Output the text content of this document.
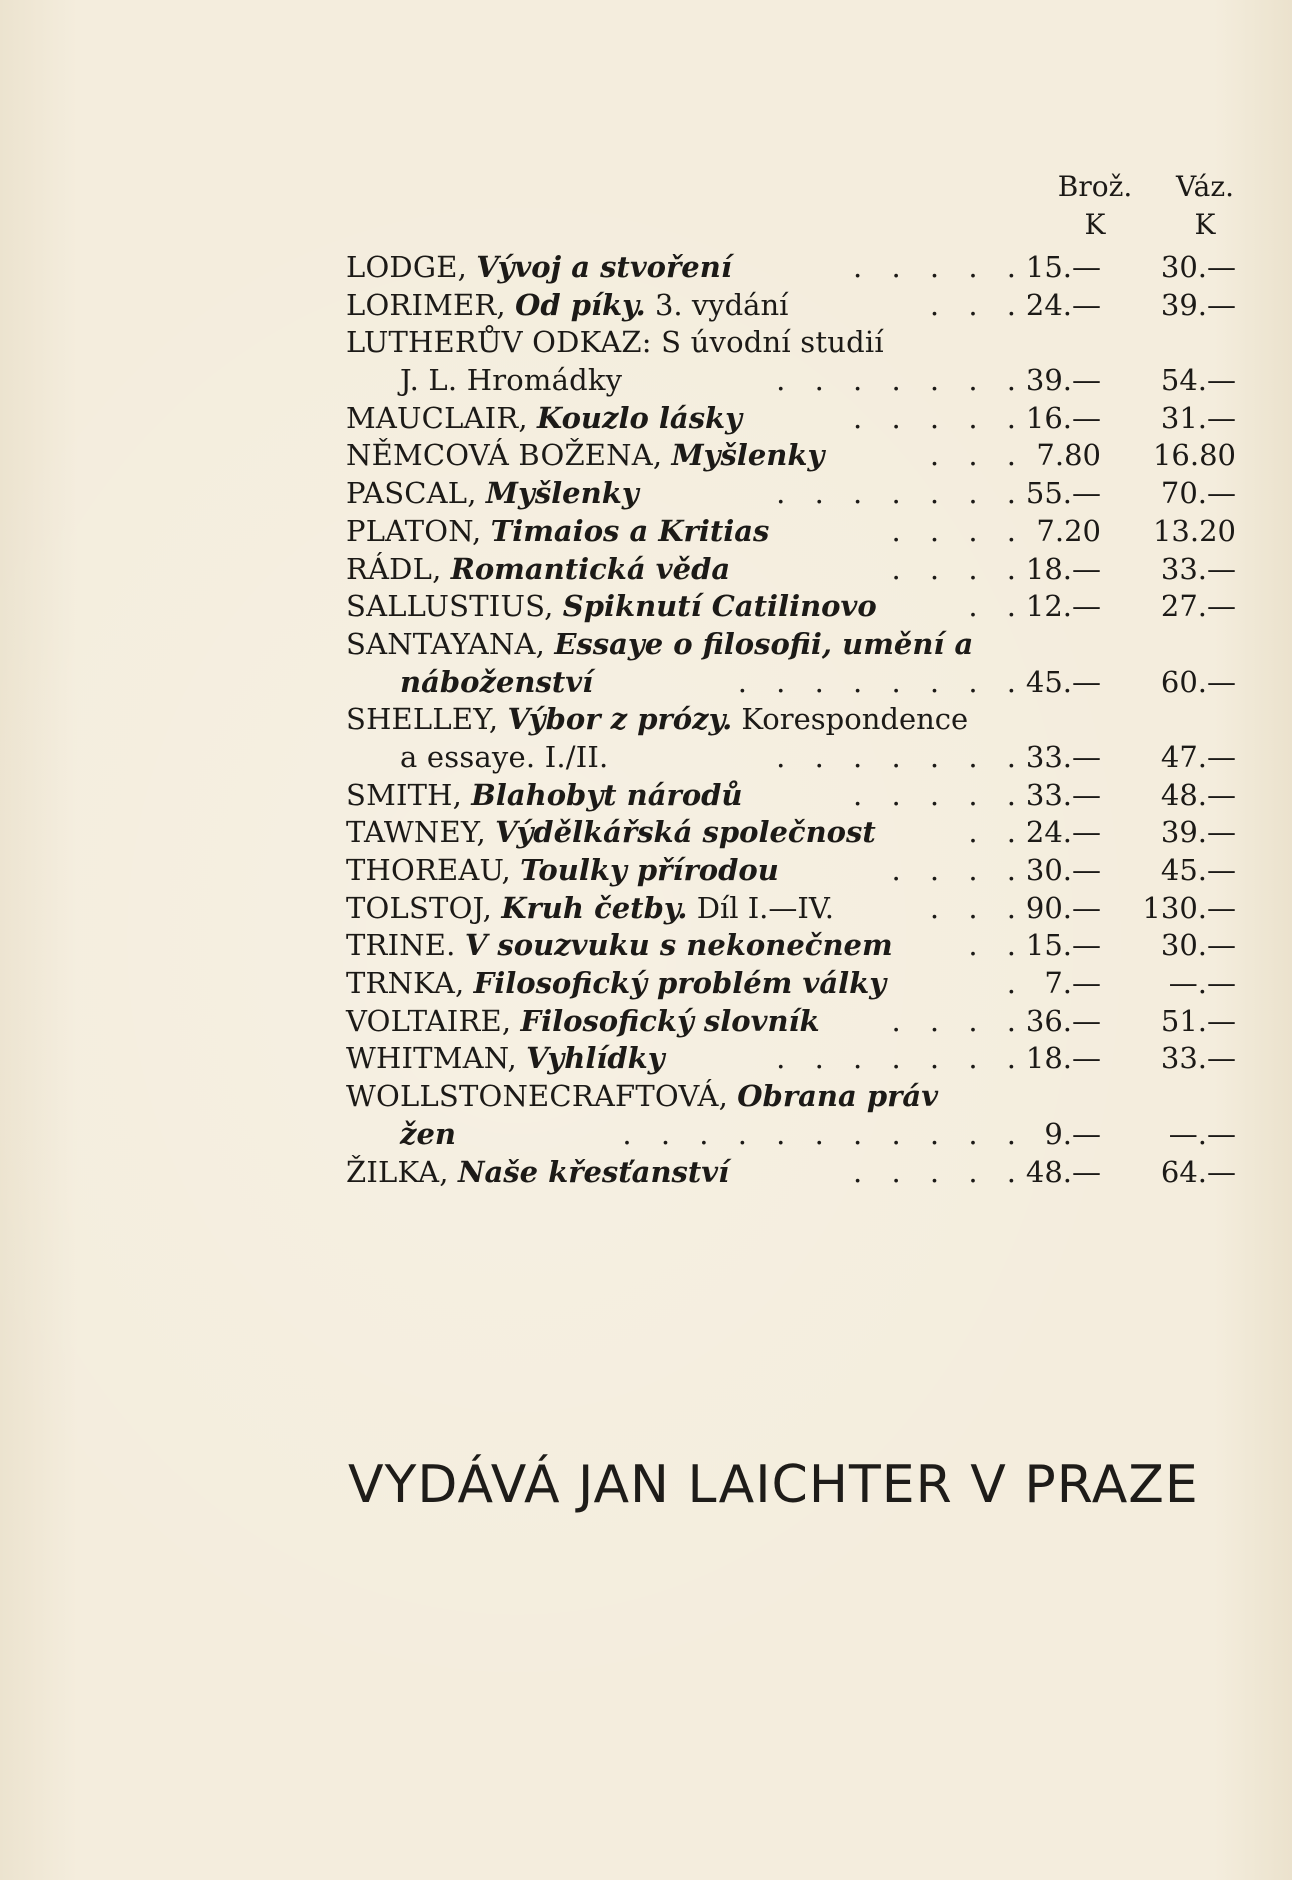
Brož.
K
Váz.
K
LODGE, Vývoj a stvoření	. . . . . 15.—	30.—
LORIMER, Od píky. 3. vydání	. . . 24.—	39.—
LUTHERŮV ODKAZ: S úvodní studií
J. L. Hromádky	. . . . . . . 39.—	54.—
MAUCLAIR, Kouzlo lásky	. . . . . 16.—	31.—
NĚMCOVÁ BOŽENA, Myšlenky	. . . 7.80	16.80
PASCAL, Myšlenky	. . . . . . . 55.—	70.—
PLATON, Timaios a Kritias	. . . . 7.20	13.20
RÁDL, Romantická věda	. . . . 18.—	33.—
SALLUSTIUS, Spiknutí Catilinovo	. . 12.—	27.—
SANTAYANA, Essaye o filosofii, umění a
náboženství	. . . . . . . . 45.—	60.—
SHELLEY, Výbor z prózy. Korespondence
a essaye. I./II.	. . . . . . . 33.—	47.—
SMITH, Blahobyt národů	. . . . . 33.—	48.—
TAWNEY, Výdělkářská společnost	. . 24.—	39.—
THOREAU, Toulky přírodou	. . . . 30.—	45.—
TOLSTOJ, Kruh četby. Díl I.—IV.	. . . 90.— 130.—
TRINE. V souzvuku s nekonečnem	. . 15.—	30.—
TRNKA, Filosofický problém války	. 7.—	—.—
VOLTAIRE, Filosofický slovník . . . . 36.—	51.—
WHITMAN, Vyhlídky	. . . . . . . 18.—	33.—
WOLLSTONECRAFTOVÁ, Obrana práv
žen	. . . . . . . . . . . 9.—	—.—
ŽILKA, Naše křesťanství	. . . . . 48.—	64.—
VYDÁVÁ JAN LAICHTER V PRAZE
